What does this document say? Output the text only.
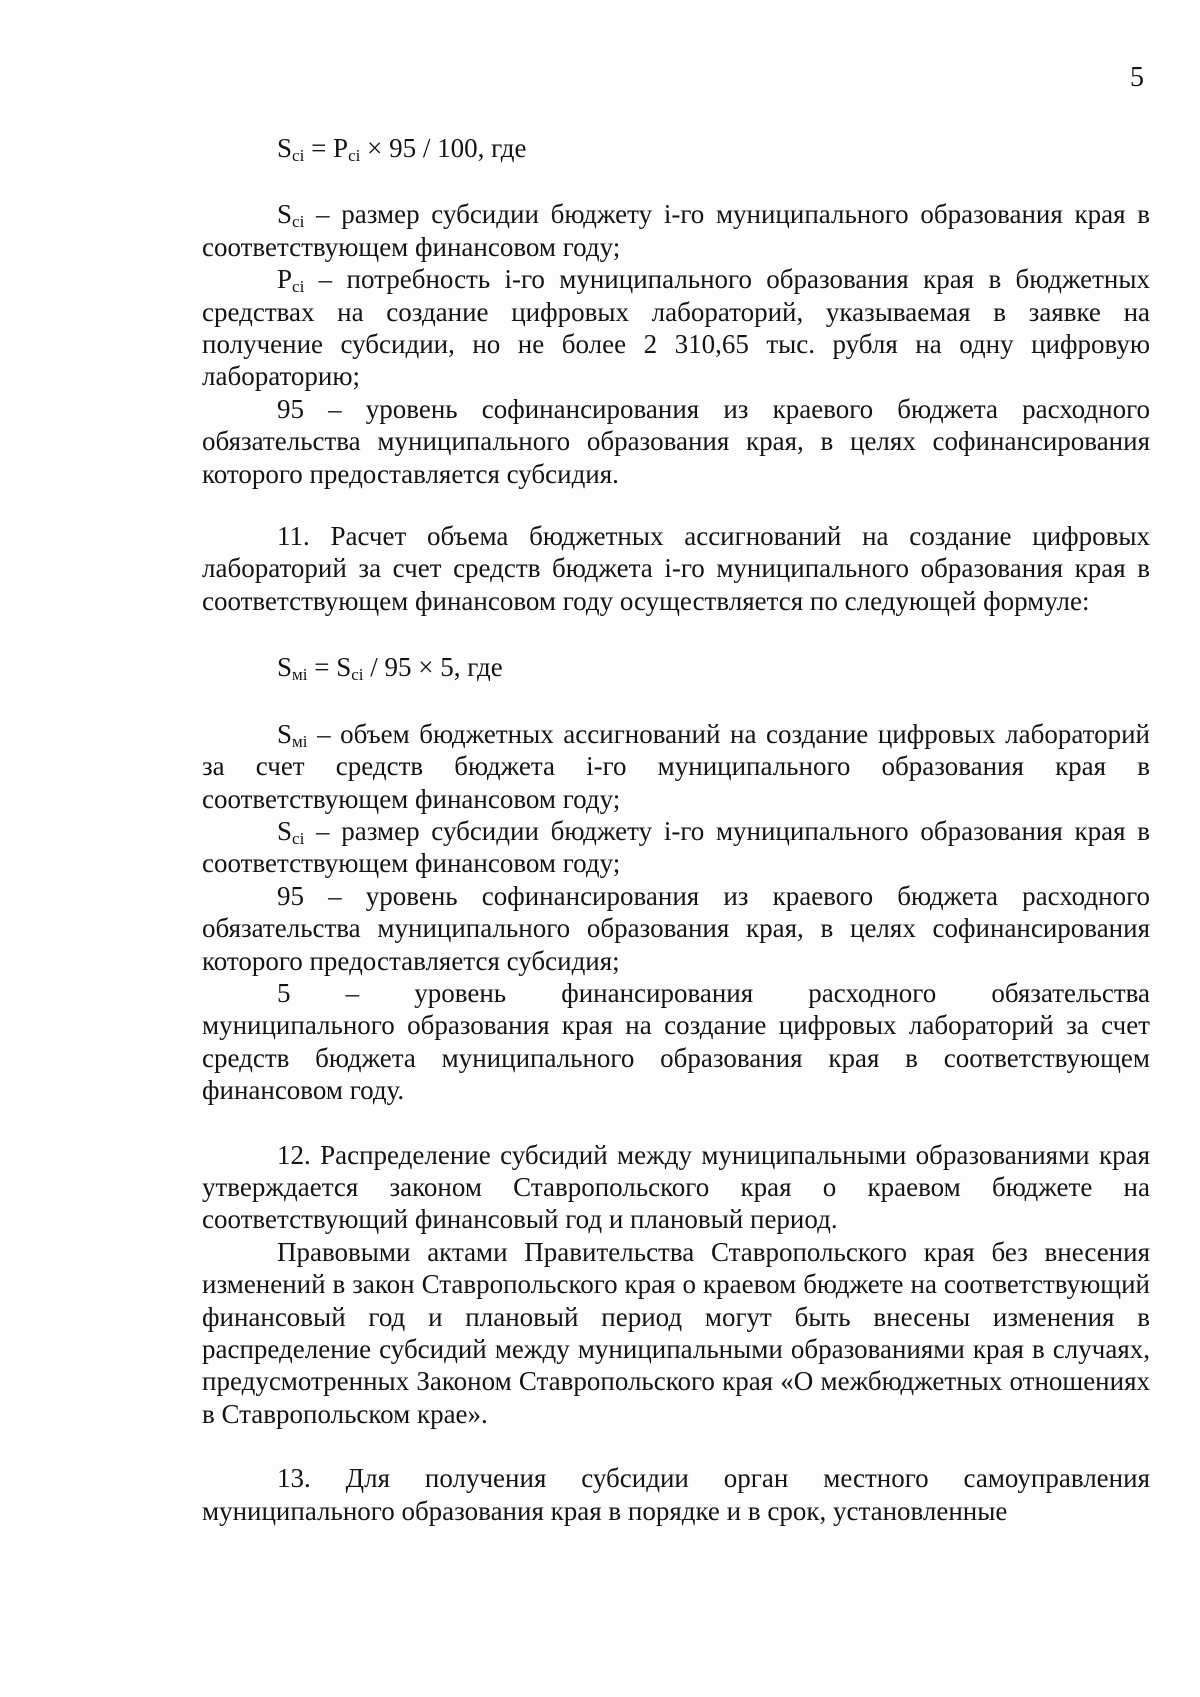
5

$S_{ci} = P_{ci} \times 95 / 100$, где

$S_{ci}$ – размер субсидии бюджету i-го муниципального образования края в соответствующем финансовом году;

$P_{ci}$ – потребность i-го муниципального образования края в бюджетных средствах на создание цифровых лабораторий, указываемая в заявке на получение субсидии, но не более 2 310,65 тыс. рубля на одну цифровую лабораторию;

95 – уровень софинансирования из краевого бюджета расходного обязательства муниципального образования края, в целях софинансирования которого предоставляется субсидия.

11. Расчет объема бюджетных ассигнований на создание цифровых лабораторий за счет средств бюджета i-го муниципального образования края в соответствующем финансовом году осуществляется по следующей формуле:

$S_{мi} = S_{ci} / 95 \times 5$, где

$S_{мi}$ – объем бюджетных ассигнований на создание цифровых лабораторий за счет средств бюджета i-го муниципального образования края в соответствующем финансовом году;

$S_{ci}$ – размер субсидии бюджету i-го муниципального образования края в соответствующем финансовом году;

95 – уровень софинансирования из краевого бюджета расходного обязательства муниципального образования края, в целях софинансирования которого предоставляется субсидия;

5 – уровень финансирования расходного обязательства

муниципального образования края на создание цифровых лабораторий за счет средств бюджета муниципального образования края в соответствующем финансовом году.

12. Распределение субсидий между муниципальными образованиями края утверждается законом Ставропольского края о краевом бюджете на соответствующий финансовый год и плановый период.

Правовыми актами Правительства Ставропольского края без внесения изменений в закон Ставропольского края о краевом бюджете на соответствующий финансовый год и плановый период могут быть внесены изменения в распределение субсидий между муниципальными образованиями края в случаях, предусмотренных Законом Ставропольского края «О межбюджетных отношениях в Ставропольском крае».

13. Для получения субсидии орган местного самоуправления муниципального образования края в порядке и в срок, установленные
